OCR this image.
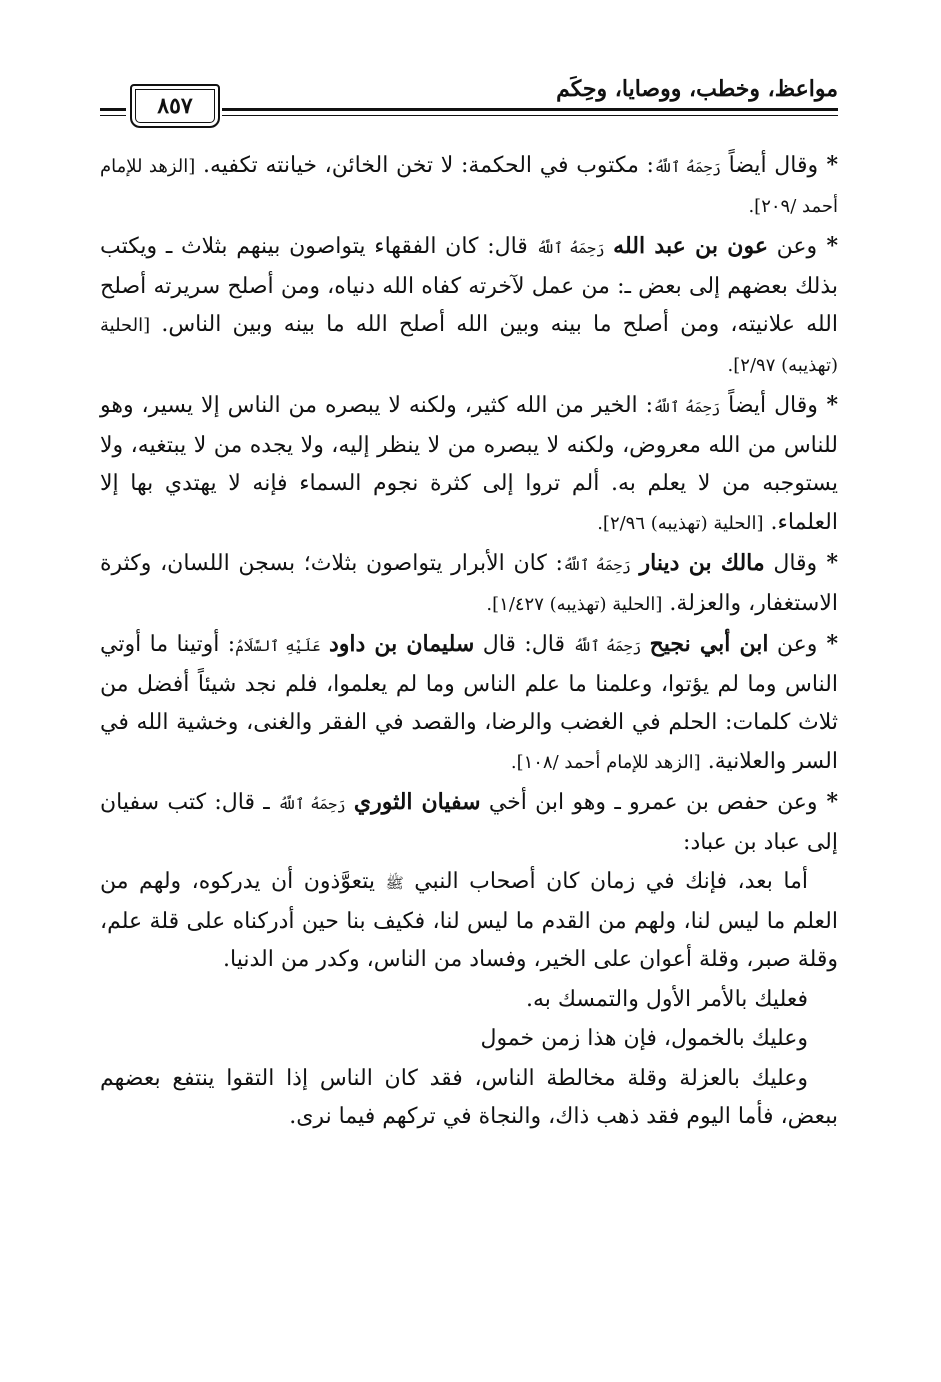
مواعظ، وخطب، ووصايا، وحِكَم
٨٥٧

* وقال أيضاً رَحِمَهُ ٱللَّهُ: مكتوب في الحكمة: لا تخن الخائن، خيانته تكفيه. [الزهد للإمام أحمد /٢٠٩].

* وعن عون بن عبد الله رَحِمَهُ ٱللَّهُ قال: كان الفقهاء يتواصون بينهم بثلاث ـ ويكتب بذلك بعضهم إلى بعض ـ: من عمل لآخرته كفاه الله دنياه، ومن أصلح سريرته أصلح الله علانيته، ومن أصلح ما بينه وبين الله أصلح الله ما بينه وبين الناس. [الحلية (تهذيبه) ٢/٩٧].

* وقال أيضاً رَحِمَهُ ٱللَّهُ: الخير من الله كثير، ولكنه لا يبصره من الناس إلا يسير، وهو للناس من الله معروض، ولكنه لا يبصره من لا ينظر إليه، ولا يجده من لا يبتغيه، ولا يستوجبه من لا يعلم به. ألم تروا إلى كثرة نجوم السماء فإنه لا يهتدي بها إلا العلماء. [الحلية (تهذيبه) ٢/٩٦].

* وقال مالك بن دينار رَحِمَهُ ٱللَّهُ: كان الأبرار يتواصون بثلاث؛ بسجن اللسان، وكثرة الاستغفار، والعزلة. [الحلية (تهذيبه) ١/٤٢٧].

* وعن ابن أبي نجيح رَحِمَهُ ٱللَّهُ قال: قال سليمان بن داود عَلَيْهِ ٱلسَّلَامُ: أوتينا ما أوتي الناس وما لم يؤتوا، وعلمنا ما علم الناس وما لم يعلموا، فلم نجد شيئاً أفضل من ثلاث كلمات: الحلم في الغضب والرضا، والقصد في الفقر والغنى، وخشية الله في السر والعلانية. [الزهد للإمام أحمد /١٠٨].

* وعن حفص بن عمرو ـ وهو ابن أخي سفيان الثوري رَحِمَهُ ٱللَّهُ ـ قال: كتب سفيان إلى عباد بن عباد:

أما بعد، فإنك في زمان كان أصحاب النبي ﷺ يتعوَّذون أن يدركوه، ولهم من العلم ما ليس لنا، ولهم من القدم ما ليس لنا، فكيف بنا حين أدركناه على قلة علم، وقلة صبر، وقلة أعوان على الخير، وفساد من الناس، وكدر من الدنيا.

فعليك بالأمر الأول والتمسك به.

وعليك بالخمول، فإن هذا زمن خمول

وعليك بالعزلة وقلة مخالطة الناس، فقد كان الناس إذا التقوا ينتفع بعضهم ببعض، فأما اليوم فقد ذهب ذاك، والنجاة في تركهم فيما نرى.
